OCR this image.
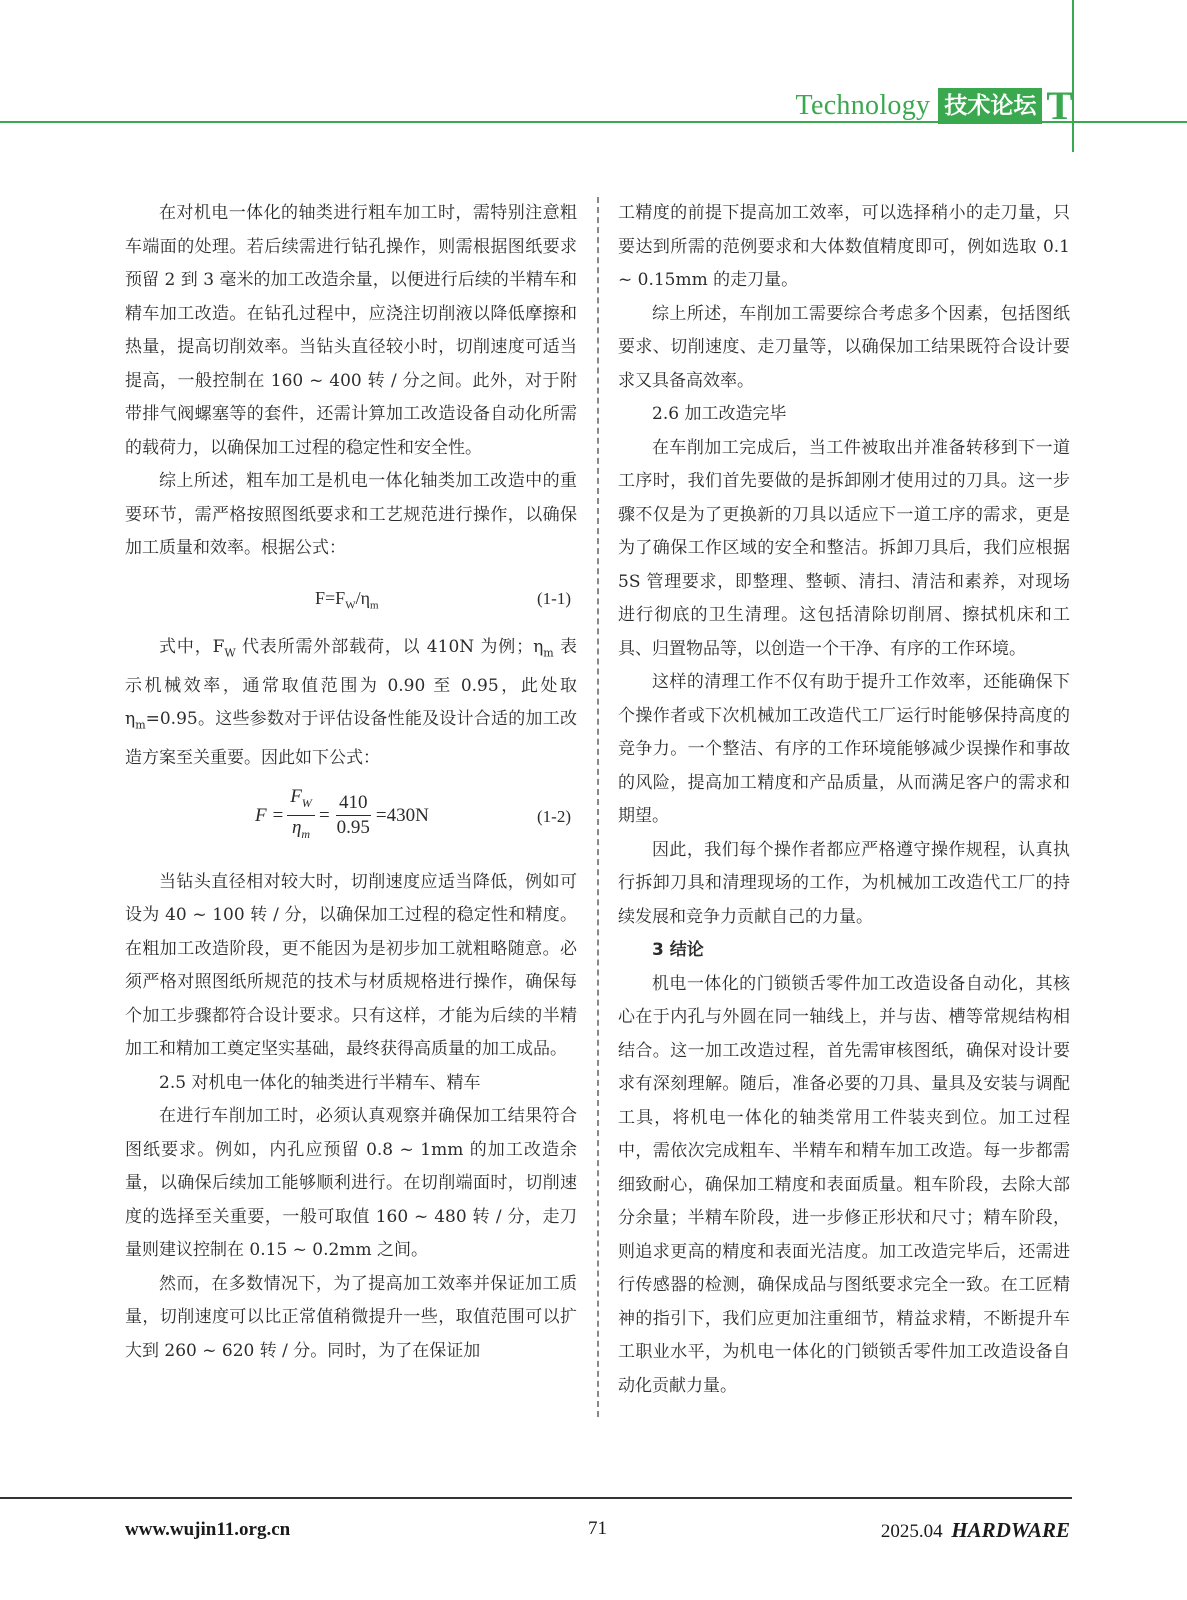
Technology 技术论坛 T

在对机电一体化的轴类进行粗车加工时，需特别注意粗车端面的处理。若后续需进行钻孔操作，则需根据图纸要求预留 2 到 3 毫米的加工改造余量，以便进行后续的半精车和精车加工改造。在钻孔过程中，应浇注切削液以降低摩擦和热量，提高切削效率。当钻头直径较小时，切削速度可适当提高，一般控制在 160 ~ 400 转 / 分之间。此外，对于附带排气阀螺塞等的套件，还需计算加工改造设备自动化所需的载荷力，以确保加工过程的稳定性和安全性。

综上所述，粗车加工是机电一体化轴类加工改造中的重要环节，需严格按照图纸要求和工艺规范进行操作，以确保加工质量和效率。根据公式：

$F=F_W/\eta_m$	(1-1)

式中，$F_W$ 代表所需外部载荷，以 410N 为例；$\eta_m$ 表示机械效率，通常取值范围为 0.90 至 0.95，此处取 $\eta_m=0.95$。这些参数对于评估设备性能及设计合适的加工改造方案至关重要。因此如下公式：

$F = \frac{F_W}{\eta_m} = \frac{410}{0.95} =430N$	(1-2)

当钻头直径相对较大时，切削速度应适当降低，例如可设为 40 ~ 100 转 / 分，以确保加工过程的稳定性和精度。在粗加工改造阶段，更不能因为是初步加工就粗略随意。必须严格对照图纸所规范的技术与材质规格进行操作，确保每个加工步骤都符合设计要求。只有这样，才能为后续的半精加工和精加工奠定坚实基础，最终获得高质量的加工成品。

2.5 对机电一体化的轴类进行半精车、精车

在进行车削加工时，必须认真观察并确保加工结果符合图纸要求。例如，内孔应预留 0.8 ~ 1mm 的加工改造余量，以确保后续加工能够顺利进行。在切削端面时，切削速度的选择至关重要，一般可取值 160 ~ 480 转 / 分，走刀量则建议控制在 0.15 ~ 0.2mm 之间。

然而，在多数情况下，为了提高加工效率并保证加工质量，切削速度可以比正常值稍微提升一些，取值范围可以扩大到 260 ~ 620 转 / 分。同时，为了在保证加

工精度的前提下提高加工效率，可以选择稍小的走刀量，只要达到所需的范例要求和大体数值精度即可，例如选取 0.1 ~ 0.15mm 的走刀量。

综上所述，车削加工需要综合考虑多个因素，包括图纸要求、切削速度、走刀量等，以确保加工结果既符合设计要求又具备高效率。

2.6 加工改造完毕

在车削加工完成后，当工件被取出并准备转移到下一道工序时，我们首先要做的是拆卸刚才使用过的刀具。这一步骤不仅是为了更换新的刀具以适应下一道工序的需求，更是为了确保工作区域的安全和整洁。拆卸刀具后，我们应根据 5S 管理要求，即整理、整顿、清扫、清洁和素养，对现场进行彻底的卫生清理。这包括清除切削屑、擦拭机床和工具、归置物品等，以创造一个干净、有序的工作环境。

这样的清理工作不仅有助于提升工作效率，还能确保下个操作者或下次机械加工改造代工厂运行时能够保持高度的竞争力。一个整洁、有序的工作环境能够减少误操作和事故的风险，提高加工精度和产品质量，从而满足客户的需求和期望。

因此，我们每个操作者都应严格遵守操作规程，认真执行拆卸刀具和清理现场的工作，为机械加工改造代工厂的持续发展和竞争力贡献自己的力量。

3 结论

机电一体化的门锁锁舌零件加工改造设备自动化，其核心在于内孔与外圆在同一轴线上，并与齿、槽等常规结构相结合。这一加工改造过程，首先需审核图纸，确保对设计要求有深刻理解。随后，准备必要的刀具、量具及安装与调配工具，将机电一体化的轴类常用工件装夹到位。加工过程中，需依次完成粗车、半精车和精车加工改造。每一步都需细致耐心，确保加工精度和表面质量。粗车阶段，去除大部分余量；半精车阶段，进一步修正形状和尺寸；精车阶段，则追求更高的精度和表面光洁度。加工改造完毕后，还需进行传感器的检测，确保成品与图纸要求完全一致。在工匠精神的指引下，我们应更加注重细节，精益求精，不断提升车工职业水平，为机电一体化的门锁锁舌零件加工改造设备自动化贡献力量。

www.wujin11.org.cn	71	2025.04 HARDWARE
